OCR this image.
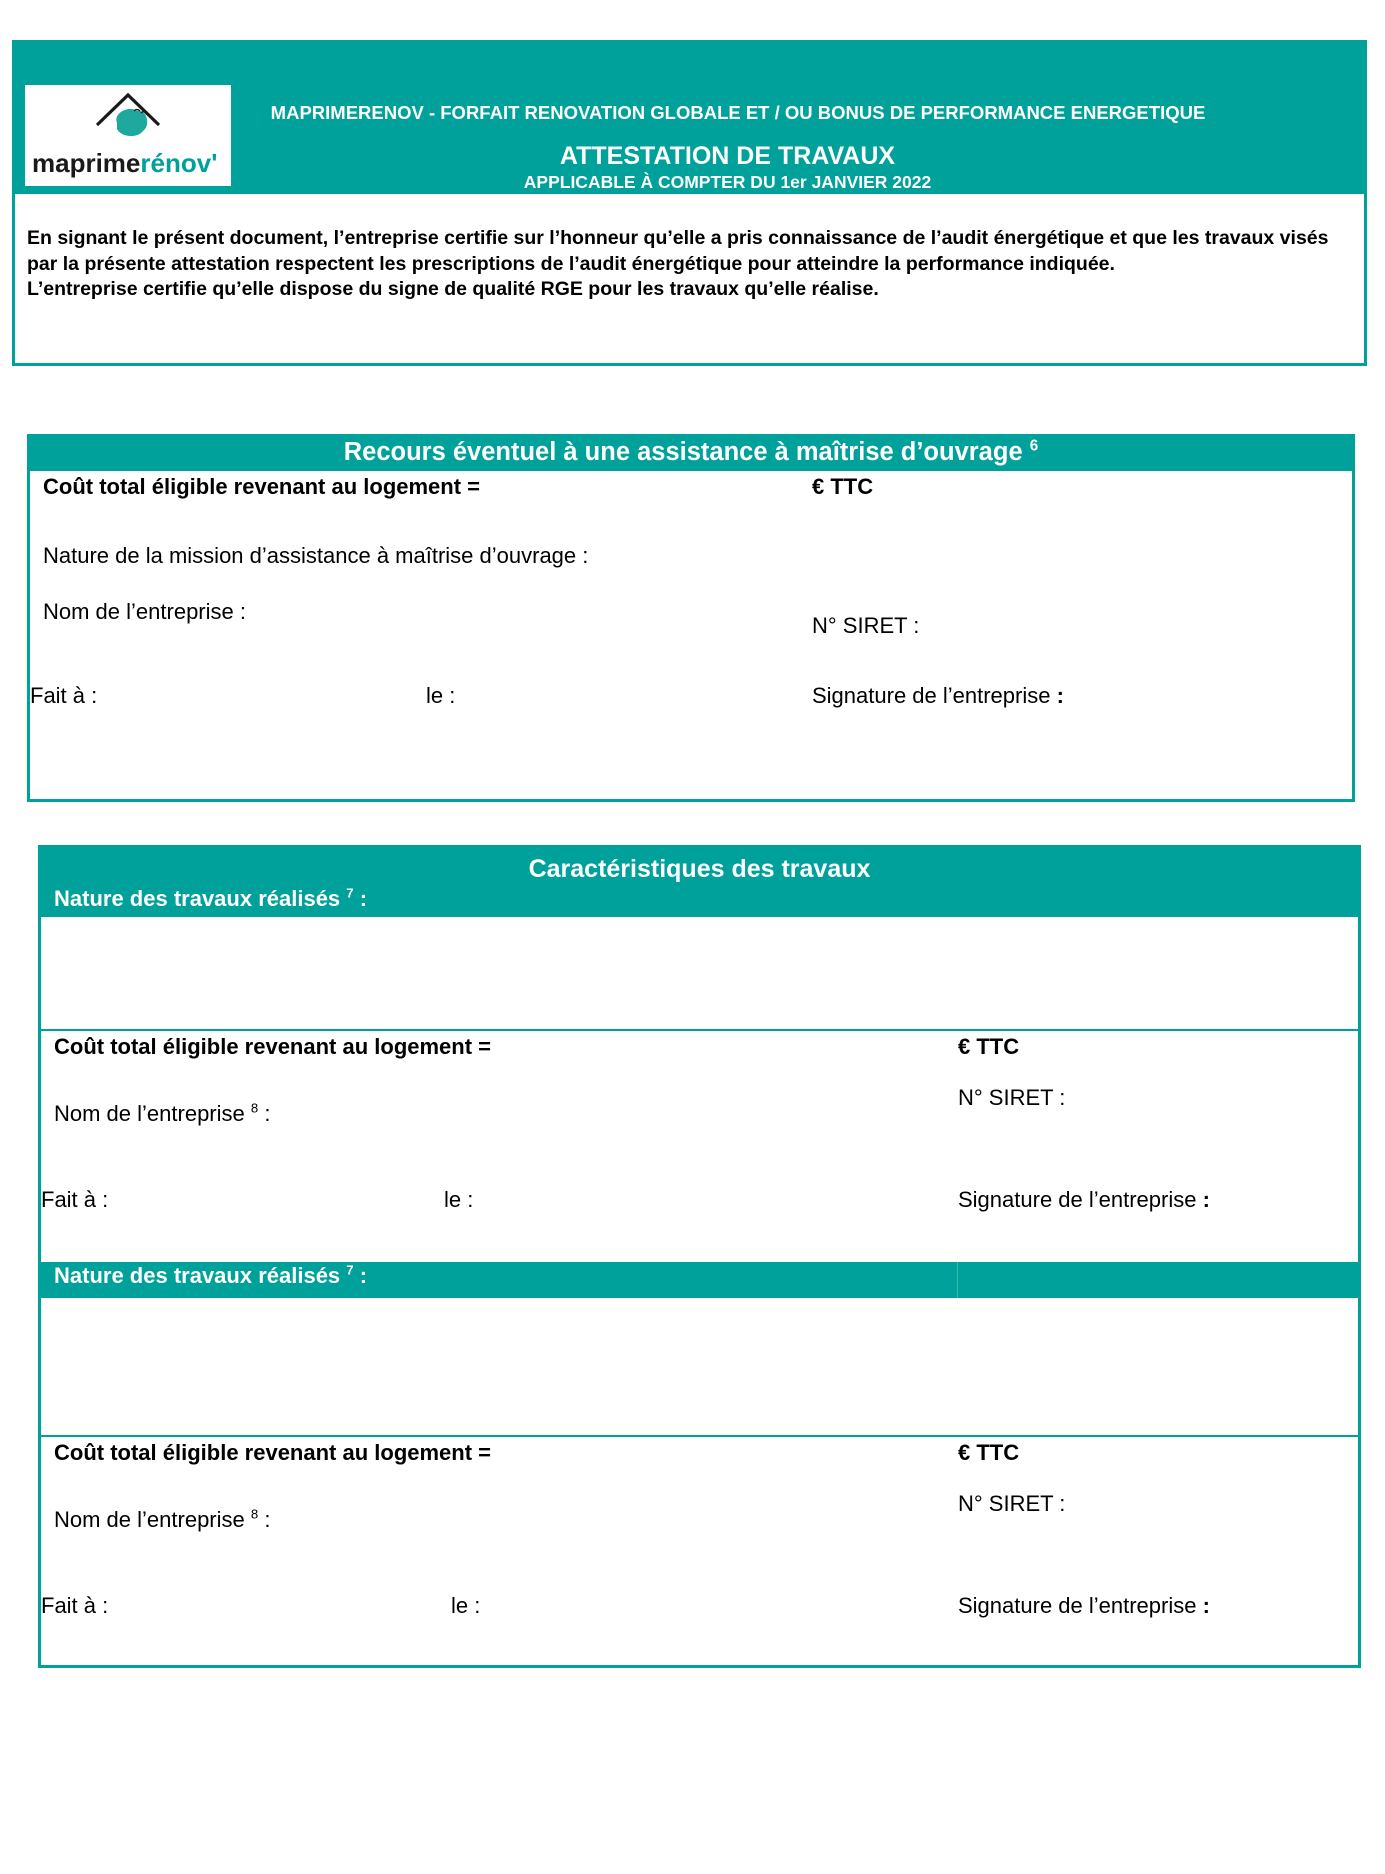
maprimerénov'
MAPRIMERENOV - FORFAIT RENOVATION GLOBALE ET / OU BONUS DE PERFORMANCE ENERGETIQUE
ATTESTATION DE TRAVAUX
APPLICABLE À COMPTER DU 1er JANVIER 2022

En signant le présent document, l’entreprise certifie sur l’honneur qu’elle a pris connaissance de l’audit énergétique et que les travaux visés par la présente attestation respectent les prescriptions de l’audit énergétique pour atteindre la performance indiquée.

L’entreprise certifie qu’elle dispose du signe de qualité RGE pour les travaux qu’elle réalise.

Recours éventuel à une assistance à maîtrise d’ouvrage $^6$
Coût total éligible revenant au logement =	€ TTC
Nature de la mission d’assistance à maîtrise d’ouvrage :
Nom de l’entreprise :
N° SIRET :
Fait à :	le :	Signature de l’entreprise :
Caractéristiques des travaux
Nature des travaux réalisés $^7$ :
Coût total éligible revenant au logement =	€ TTC
N° SIRET :
Nom de l’entreprise $^8$ :
Fait à :	le :	Signature de l’entreprise :
Nature des travaux réalisés $^7$ :
Coût total éligible revenant au logement =	€ TTC
N° SIRET :
Nom de l’entreprise $^8$ :
Fait à :	le :	Signature de l’entreprise :
